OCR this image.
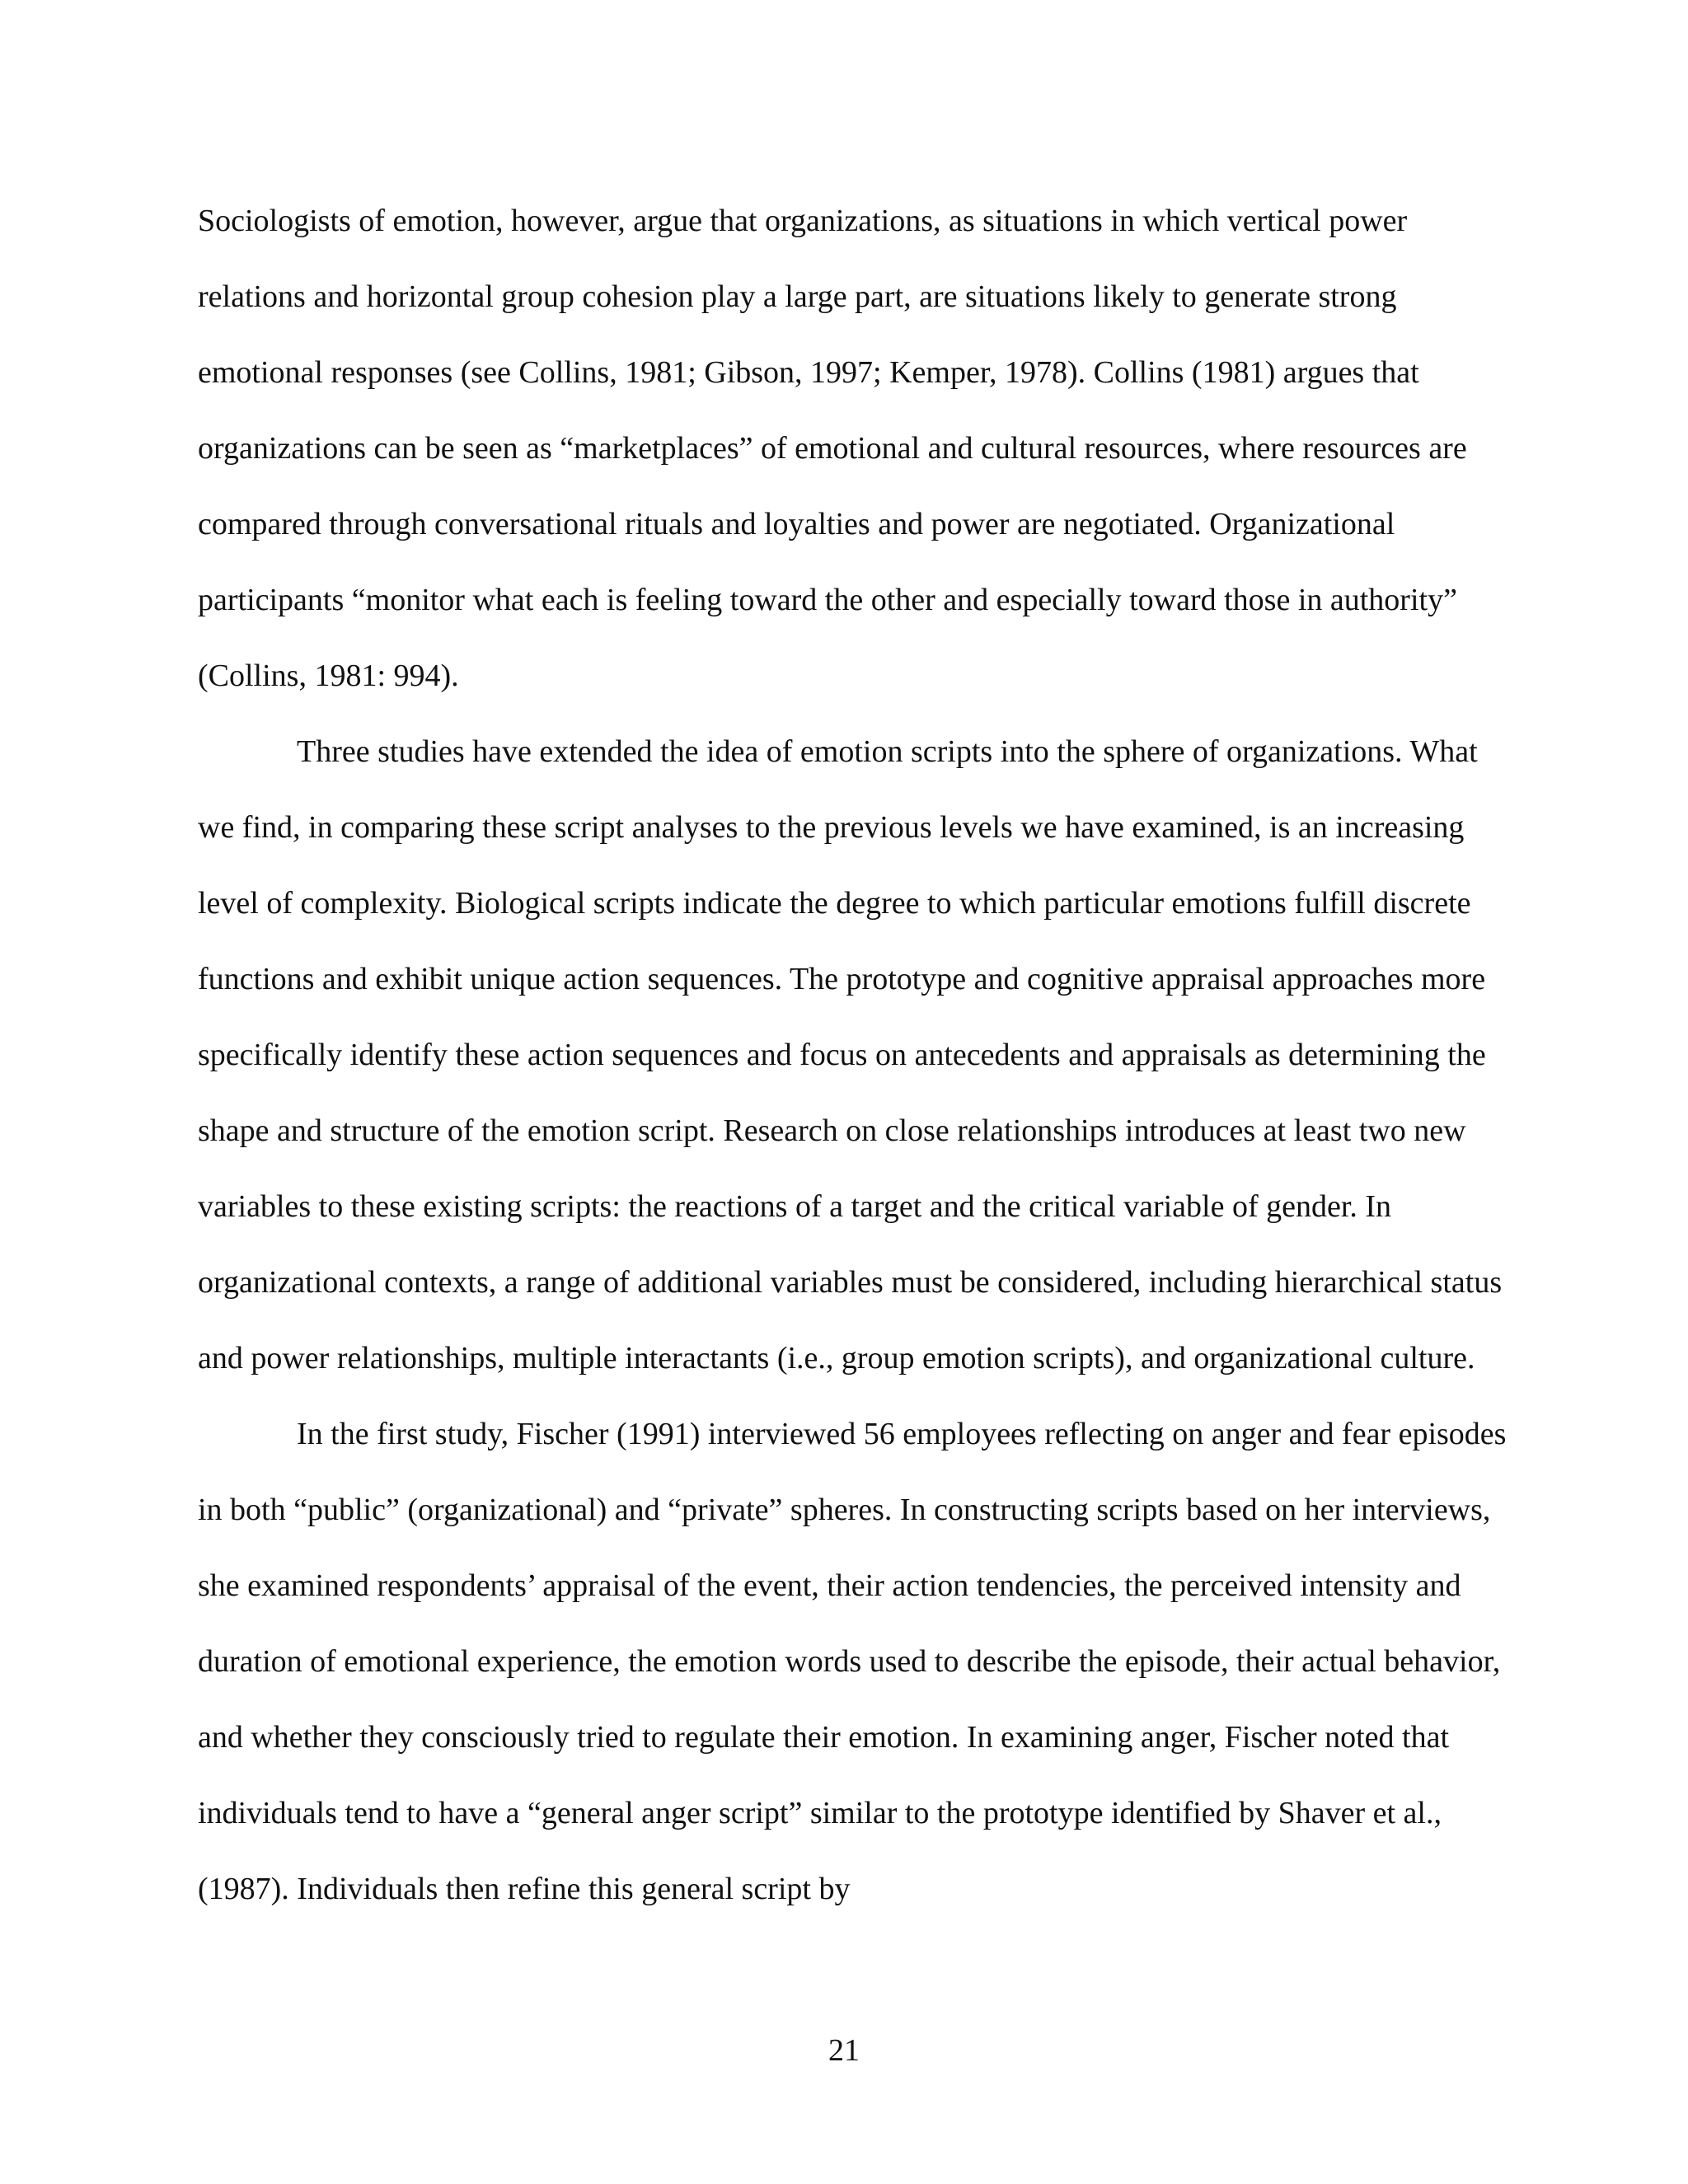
Sociologists of emotion, however, argue that organizations, as situations in which vertical power relations and horizontal group cohesion play a large part, are situations likely to generate strong emotional responses (see Collins, 1981; Gibson, 1997; Kemper, 1978). Collins (1981) argues that organizations can be seen as “marketplaces” of emotional and cultural resources, where resources are compared through conversational rituals and loyalties and power are negotiated. Organizational participants “monitor what each is feeling toward the other and especially toward those in authority” (Collins, 1981: 994).

Three studies have extended the idea of emotion scripts into the sphere of organizations. What we find, in comparing these script analyses to the previous levels we have examined, is an increasing level of complexity. Biological scripts indicate the degree to which particular emotions fulfill discrete functions and exhibit unique action sequences. The prototype and cognitive appraisal approaches more specifically identify these action sequences and focus on antecedents and appraisals as determining the shape and structure of the emotion script. Research on close relationships introduces at least two new variables to these existing scripts: the reactions of a target and the critical variable of gender. In organizational contexts, a range of additional variables must be considered, including hierarchical status and power relationships, multiple interactants (i.e., group emotion scripts), and organizational culture.

In the first study, Fischer (1991) interviewed 56 employees reflecting on anger and fear episodes in both “public” (organizational) and “private” spheres. In constructing scripts based on her interviews, she examined respondents’ appraisal of the event, their action tendencies, the perceived intensity and duration of emotional experience, the emotion words used to describe the episode, their actual behavior, and whether they consciously tried to regulate their emotion. In examining anger, Fischer noted that individuals tend to have a “general anger script” similar to the prototype identified by Shaver et al., (1987). Individuals then refine this general script by

21
